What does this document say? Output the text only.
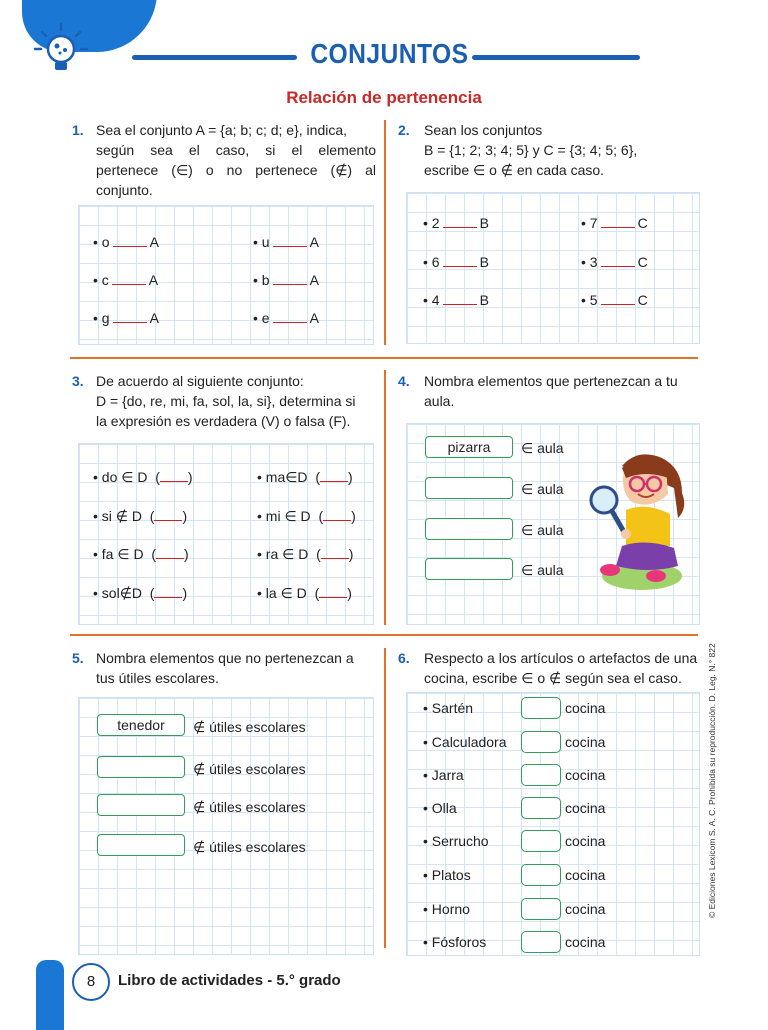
CONJUNTOS
Relación de pertenencia
1. Sea el conjunto A = {a; b; c; d; e}, indica,
según sea el caso, si el elemento
pertenece (∈) o no pertenece (∉) al
conjunto.
• o	A	• u	A
• c	A	• b	A
• g	A	• e	A
2. Sean los conjuntos
B = {1; 2; 3; 4; 5} y C = {3; 4; 5; 6},
escribe ∈ o ∉ en cada caso.
• 2	B	• 7	C
• 6	B	• 3	C
• 4	B	• 5	C
3. De acuerdo al siguiente conjunto:
D = {do, re, mi, fa, sol, la, si}, determina si
la expresión es verdadera (V) o falsa (F).
• do ∈ D ( )	• ma∈D ( )
• si ∉ D ( )	• mi ∈ D ( )
• fa ∈ D ( )	• ra ∈ D ( )
• sol∉D ( )	• la ∈ D ( )
4. Nombra elementos que pertenezcan a tu
aula.
pizarra	∈ aula
∈ aula
∈ aula
∈ aula
5. Nombra elementos que no pertenezcan a
tus útiles escolares.
tenedor	∉ útiles escolares
∉ útiles escolares
∉ útiles escolares
∉ útiles escolares
6. Respecto a los artículos o artefactos de una
cocina, escribe ∈ o ∉ según sea el caso.
• Sartén	cocina
• Calculadora	cocina
• Jarra	cocina
• Olla	cocina
• Serrucho	cocina
• Platos	cocina
• Horno	cocina
• Fósforos	cocina
© Ediciones Lexicom S. A. C. Prohibida su reproducción. D. Leg. N.° 822
8	Libro de actividades - 5.° grado
